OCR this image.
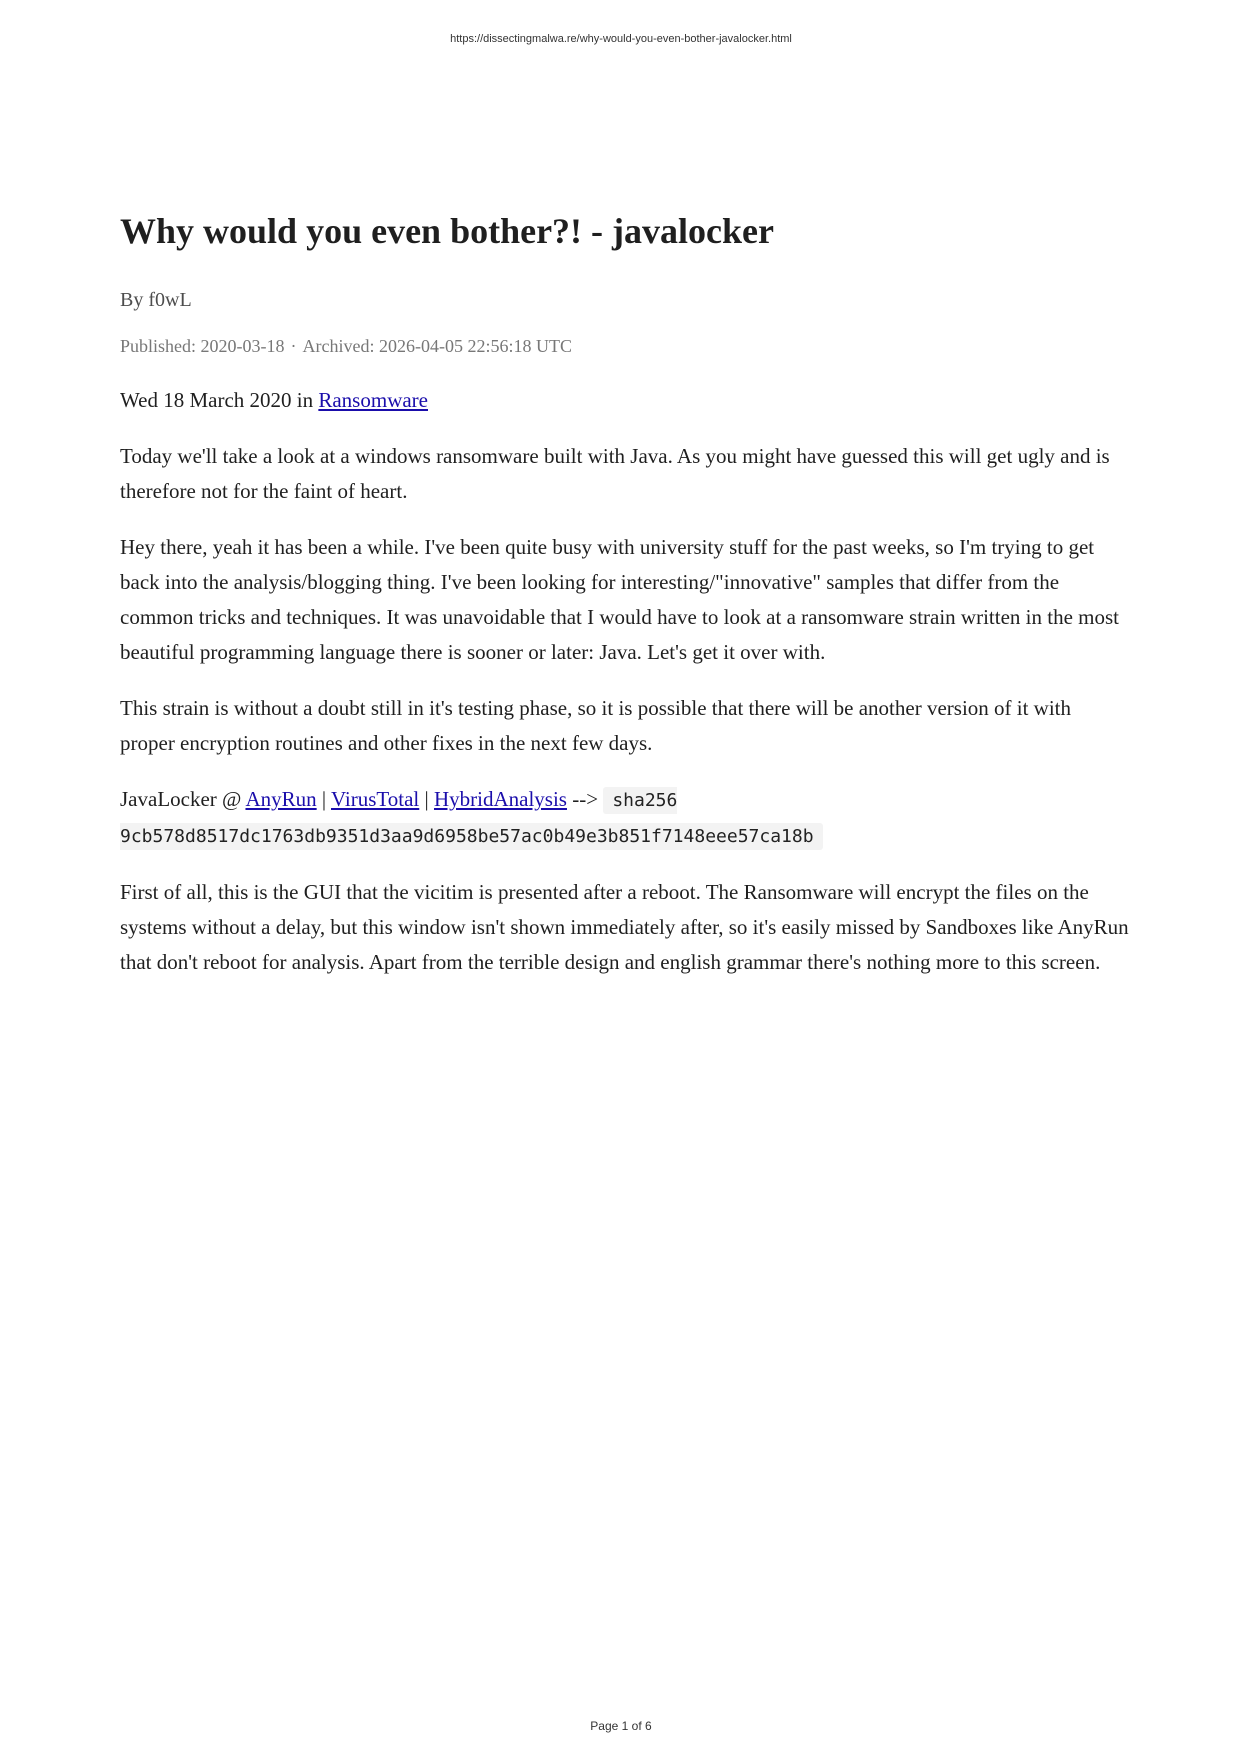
https://dissectingmalwa.re/why-would-you-even-bother-javalocker.html
Why would you even bother?! - javalocker
By f0wL
Published: 2020-03-18 · Archived: 2026-04-05 22:56:18 UTC
Wed 18 March 2020 in Ransomware

Today we'll take a look at a windows ransomware built with Java. As you might have guessed this will get ugly and is therefore not for the faint of heart.

Hey there, yeah it has been a while. I've been quite busy with university stuff for the past weeks, so I'm trying to get back into the analysis/blogging thing. I've been looking for interesting/"innovative" samples that differ from the common tricks and techniques. It was unavoidable that I would have to look at a ransomware strain written in the most beautiful programming language there is sooner or later: Java. Let's get it over with.

This strain is without a doubt still in it's testing phase, so it is possible that there will be another version of it with proper encryption routines and other fixes in the next few days.

JavaLocker @ AnyRun | VirusTotal | HybridAnalysis --> sha256 9cb578d8517dc1763db9351d3aa9d6958be57ac0b49e3b851f7148eee57ca18b

First of all, this is the GUI that the vicitim is presented after a reboot. The Ransomware will encrypt the files on the systems without a delay, but this window isn't shown immediately after, so it's easily missed by Sandboxes like AnyRun that don't reboot for analysis. Apart from the terrible design and english grammar there's nothing more to this screen.

Page 1 of 6
